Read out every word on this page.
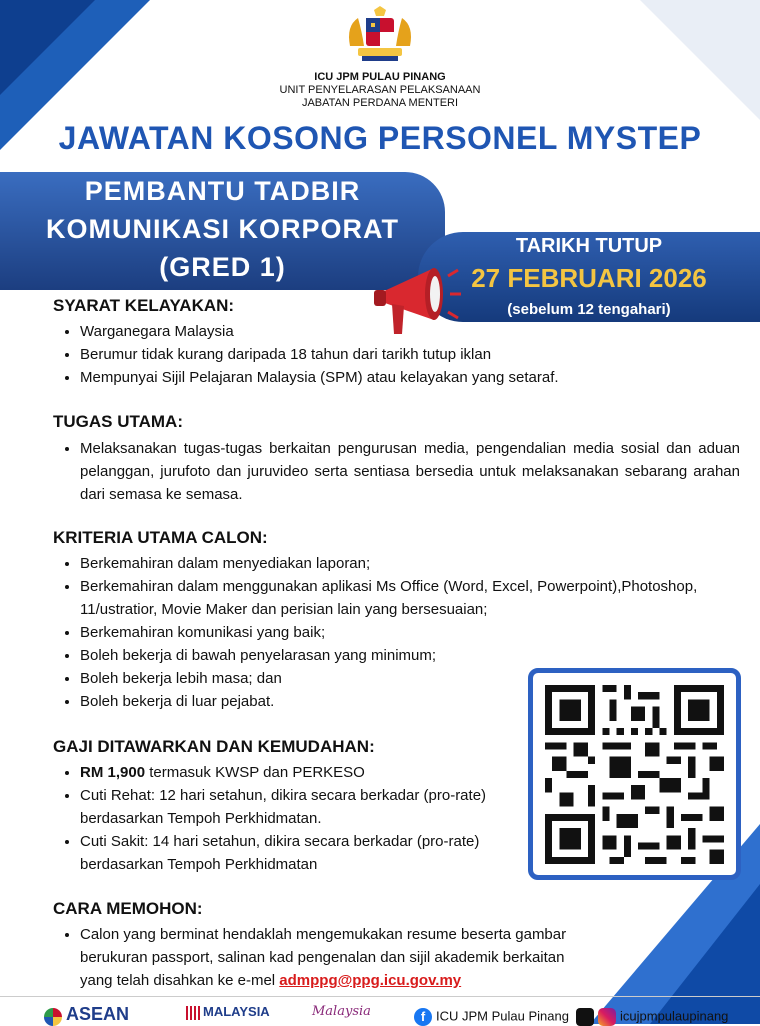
ICU JPM PULAU PINANG
UNIT PENYELARASAN PELAKSANAAN
JABATAN PERDANA MENTERI
JAWATAN KOSONG PERSONEL MYSTEP
PEMBANTU TADBIR
KOMUNIKASI KORPORAT
(GRED 1)
TARIKH TUTUP
27 FEBRUARI 2026
(sebelum 12 tengahari)
SYARAT KELAYAKAN:
• Warganegara Malaysia
• Berumur tidak kurang daripada 18 tahun dari tarikh tutup iklan
• Mempunyai Sijil Pelajaran Malaysia (SPM) atau kelayakan yang setaraf.
TUGAS UTAMA:
• Melaksanakan tugas-tugas berkaitan pengurusan media, pengendalian media sosial dan aduan pelanggan, jurufoto dan juruvideo serta sentiasa bersedia untuk melaksanakan sebarang arahan dari semasa ke semasa.
KRITERIA UTAMA CALON:
• Berkemahiran dalam menyediakan laporan;
• Berkemahiran dalam menggunakan aplikasi Ms Office (Word, Excel, Powerpoint),Photoshop, 11/ustratior, Movie Maker dan perisian lain yang bersesuaian;
• Berkemahiran komunikasi yang baik;
• Boleh bekerja di bawah penyelarasan yang minimum;
• Boleh bekerja lebih masa; dan
• Boleh bekerja di luar pejabat.
GAJI DITAWARKAN DAN KEMUDAHAN:
• RM 1,900 termasuk KWSP dan PERKESO
• Cuti Rehat: 12 hari setahun, dikira secara berkadar (pro-rate) berdasarkan Tempoh Perkhidmatan.
• Cuti Sakit: 14 hari setahun, dikira secara berkadar (pro-rate) berdasarkan Tempoh Perkhidmatan
CARA MEMOHON:
• Calon yang berminat hendaklah mengemukakan resume beserta gambar berukuran passport, salinan kad pengenalan dan sijil akademik berkaitan yang telah disahkan ke e-mel admppg@ppg.icu.gov.my
ASEAN	MALAYSIA	Malaysia	f ICU JPM Pulau Pinang	icujpmpulaupinang
